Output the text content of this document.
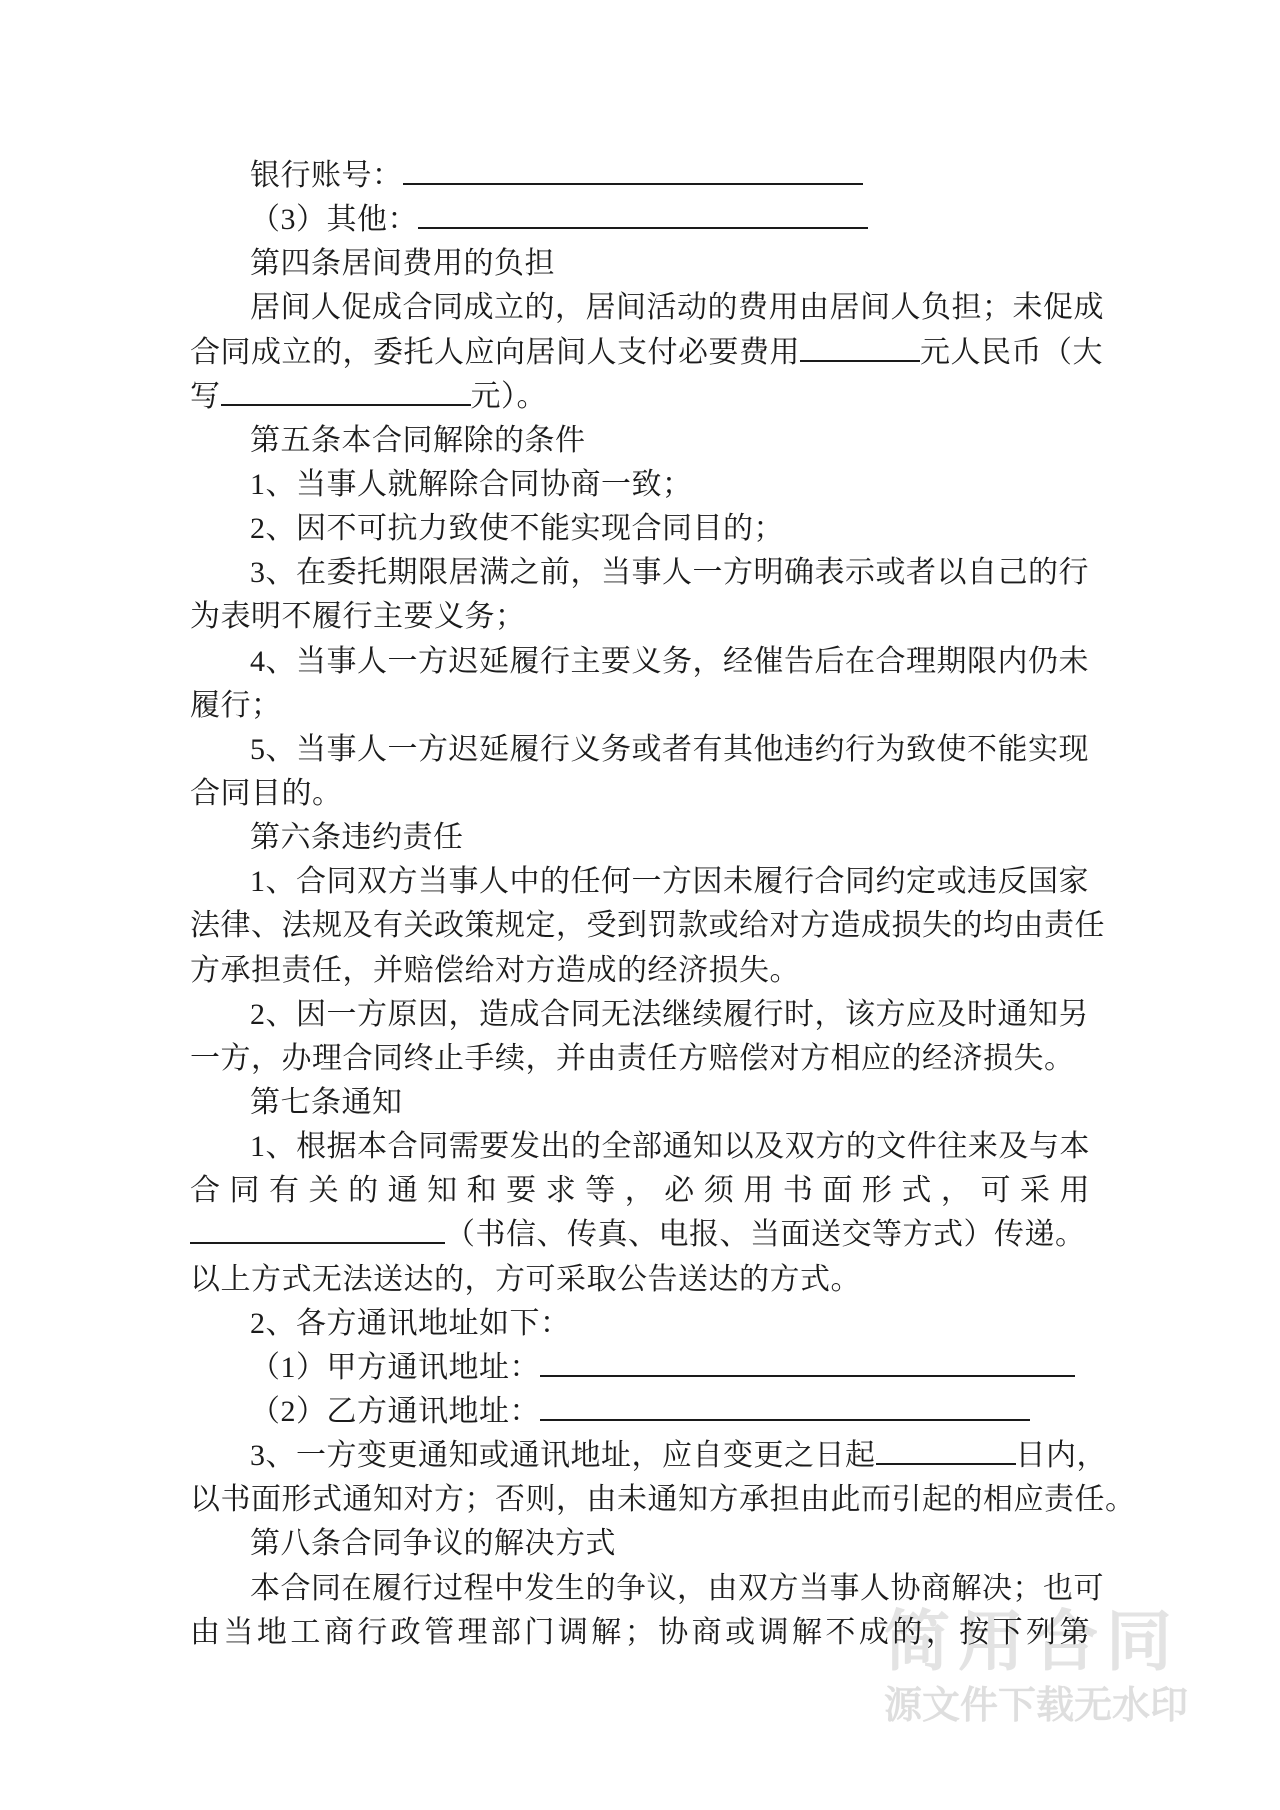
简用合同
源文件下载无水印
银行账号：
（3）其他：
第四条居间费用的负担
居间人促成合同成立的，居间活动的费用由居间人负担；未促成
合同成立的，委托人应向居间人支付必要费用	元人民币（大
写	元）。
第五条本合同解除的条件
1、当事人就解除合同协商一致；
2、因不可抗力致使不能实现合同目的；
3、在委托期限居满之前，当事人一方明确表示或者以自己的行
为表明不履行主要义务；
4、当事人一方迟延履行主要义务，经催告后在合理期限内仍未
履行；
5、当事人一方迟延履行义务或者有其他违约行为致使不能实现
合同目的。
第六条违约责任
1、合同双方当事人中的任何一方因未履行合同约定或违反国家
法律、法规及有关政策规定，受到罚款或给对方造成损失的均由责任
方承担责任，并赔偿给对方造成的经济损失。
2、因一方原因，造成合同无法继续履行时，该方应及时通知另
一方，办理合同终止手续，并由责任方赔偿对方相应的经济损失。
第七条通知
1、根据本合同需要发出的全部通知以及双方的文件往来及与本
合同有关的通知和要求等，必须用书面形式，可采用
（书信、传真、电报、当面送交等方式）传递。
以上方式无法送达的，方可采取公告送达的方式。
2、各方通讯地址如下：
（1）甲方通讯地址：
（2）乙方通讯地址：
3、一方变更通知或通讯地址，应自变更之日起	日内，
以书面形式通知对方；否则，由未通知方承担由此而引起的相应责任。
第八条合同争议的解决方式
本合同在履行过程中发生的争议，由双方当事人协商解决；也可
由当地工商行政管理部门调解；协商或调解不成的，按下列第
